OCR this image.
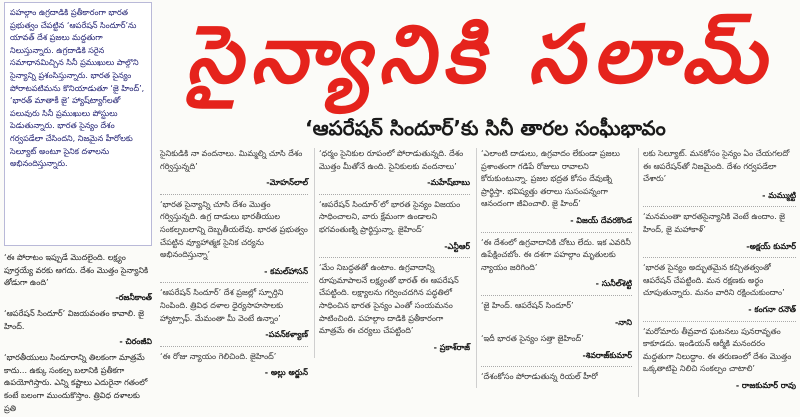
పహల్గాం ఉగ్రదాడికి ప్రతీకారంగా భారత ప్రభుత్వం చేపట్టిన ‘ఆపరేషన్ సిందూర్’ను యావత్ దేశ ప్రజలు మద్దతుగా నిలుస్తున్నారు. ఉగ్రదాడికి సరైన సమాధానమిచ్చిన సినీ ప్రముఖులు పాల్గొని సైన్యాన్ని ప్రశంసిస్తున్నారు. భారత సైన్యం పోరాటపటిమను కొనియాడుతూ ‘జై హింద్’, ‘భారత్ మాతాకీ జై’ హ్యాష్‌ట్యాగ్‌లతో పలువురు సినీ ప్రముఖులు పోస్టులు పెడుతున్నారు. భారత సైన్యం దేశం గర్వపడేలా చేసిందని, నిజమైన హీరోలకు సెల్యూట్ అంటూ సైనిక దళాలను అభినందిస్తున్నారు.

సైన్యానికి సలామ్
‘ఆపరేషన్ సిందూర్’కు సినీ తారల సంఘీభావం

‘ఈ పోరాటం ఇప్పుడే మొదలైంది. లక్ష్యం పూర్తయ్యే వరకు ఆగదు. దేశం మొత్తం సైన్యానికి తోడుగా ఉంది’

-రజనీకాంత్

‘ఆపరేషన్ సిందూర్’ విజయవంతం కావాలి. జై హింద్.

- చిరంజీవి

‘భారతీయులు సిందూరాన్ని తిలకంగా మాత్రమే కాదు... ఉక్కు సంకల్ప బలానికి ప్రతీకగా ఉపయోగిస్తారు. ఎన్ని కష్టాలు ఎదురైనా గతంలో కంటే బలంగా ముందుకొస్తాం. త్రివిధ దళాలకు ప్రతి

సైనికుడికి నా వందనాలు. మిమ్మల్ని చూసి దేశం గర్విస్తున్నది’

-మోహన్‌లాల్

‘భారత సైన్యాన్ని చూసి దేశం మొత్తం గర్విస్తున్నది. ఉగ్ర దాడులు భారతీయుల సంకల్పబలాన్ని దెబ్బతీయలేవు. భారత ప్రభుత్వం చేపట్టిన వ్యూహాత్మక సైనిక చర్యను అభినందిస్తున్నా’

- కమల్‌హాసన్

‘ఆపరేషన్ సిందూర్’ దేశ ప్రజల్లో స్ఫూర్తిని నింపింది. త్రివిధ దళాల ధైర్యసాహసాలకు హ్యాట్సాఫ్. మేమంతా మీ వెంటే ఉన్నాం’

-పవన్‌కళ్యాణ్

‘ఈ రోజు న్యాయం గెలిచింది. జైహింద్’

- అల్లు అర్జున్

‘ధర్మం సైనికుల రూపంలో పోరాడుతున్నది. దేశం మొత్తం మీతోనే ఉంది. సైనికులకు వందనాలు’

-మహేష్‌బాబు

‘ఆపరేషన్ సిందూర్’లో భారత సైన్యం విజయం సాధించాలని, వారు క్షేమంగా ఉండాలని భగవంతుణ్ని ప్రార్థిస్తున్నా. జైహింద్’

-ఎన్టీఆర్

‘మేం నిబద్ధతతో ఉంటాం. ఉగ్రవాదాన్ని రూపుమాపాలనే లక్ష్యంతో భారత్ ఈ ఆపరేషన్ చేపట్టింది. లక్ష్యాలను గర్వించదగిన పద్ధతిలో సాధించిన భారత సైన్యం ఎంతో సంయమనం పాటించింది. పహల్గాం దాడికి ప్రతీకారంగా మాత్రమే ఈ చర్యలు చేపట్టింది’

- ప్రకాశ్‌రాజ్

‘ఎలాంటి దాడులు, ఉగ్రవాదం లేకుండా ప్రజలు ప్రశాంతంగా గడిపే రోజులు రావాలని కోరుకుంటున్నా. ప్రజల భద్రత కోసం దేవుణ్ని ప్రార్థిస్తా. భవిష్యత్తు తరాలు సుసంపన్నంగా ఆనందంగా జీవించాలి. జై హింద్’

- విజయ్ దేవరకొండ

‘ఈ దేశంలో ఉగ్రవాదానికి చోటు లేదు. ఇక ఎవరినీ ఉపేక్షించబోం. ఈ దశగా పహల్గాం మృతులకు న్యాయం జరిగింది’

- సునీల్‌శెట్టి

‘జై హింద్. ఆపరేషన్ సిందూర్’

-నాని

‘ఇదీ భారత సైన్యం సత్తా జైహింద్’

-శివరాజ్‌కుమార్

‘దేశంకోసం పోరాడుతున్న రియల్ హీరో

లకు సెల్యూట్. మనకోసం సైన్యం ఏం చేయగలదో ఈ ఆపరేషన్‌తో నిజమైంది. దేశం గర్వపడేలా చేశారు’

- మమ్ముట్టి

‘మనమంతా భారతసైన్యానికి వెంటే ఉందాం. జై హింద్, జై మహాకాళ్’

-అక్షయ్ కుమార్

‘భారత సైన్యం అద్భుతమైన కచ్చితత్వంతో ఆపరేషన్ చేపట్టింది. మన రక్షణకు అర్థం చూపుతున్నారు. మనం వారిని రక్షించుకుందాం’

- కంగనా రనౌత్

‘మరోమారు తీవ్రవాద ఘటనలు పునరావృతం కాకూడదు. ఇండియన్ ఆర్మీకి మనందరం మద్దతుగా నిలుద్దాం. ఈ తరుణంలో దేశం మొత్తం ఒక్కతాటిపై నిలిచి సంకల్పం చాటాలి’

- రాజకుమార్ రావు
